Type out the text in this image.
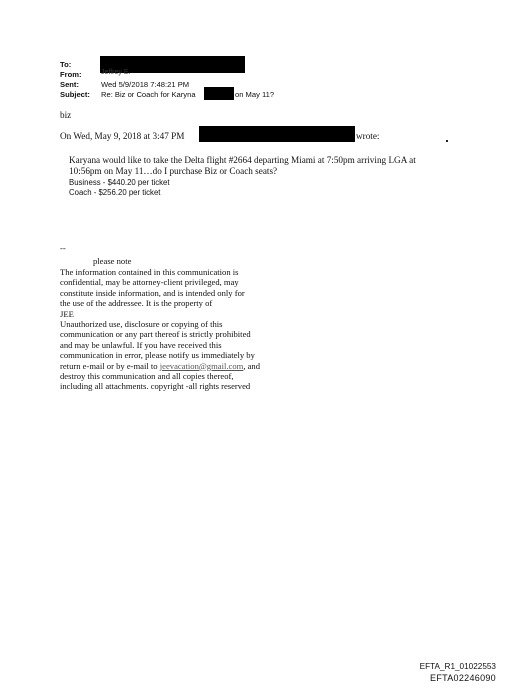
To:
From:	Jeffrey E.
Sent:	Wed 5/9/2018 7:48:21 PM
Subject: Re: Biz or Coach for Karyna	on May 11?
biz
On Wed, May 9, 2018 at 3:47 PM	wrote:
Karyana would like to take the Delta flight #2664 departing Miami at 7:50pm arriving LGA at
10:56pm on May 11…do I purchase Biz or Coach seats?
Business - $440.20 per ticket
Coach - $256.20 per ticket
--
please note
The information contained in this communication is
confidential, may be attorney-client privileged, may
constitute inside information, and is intended only for
the use of the addressee. It is the property of
JEE
Unauthorized use, disclosure or copying of this
communication or any part thereof is strictly prohibited
and may be unlawful. If you have received this
communication in error, please notify us immediately by
return e-mail or by e-mail to jeevacation@gmail.com, and
destroy this communication and all copies thereof,
including all attachments. copyright -all rights reserved
EFTA_R1_01022553
EFTA02246090
